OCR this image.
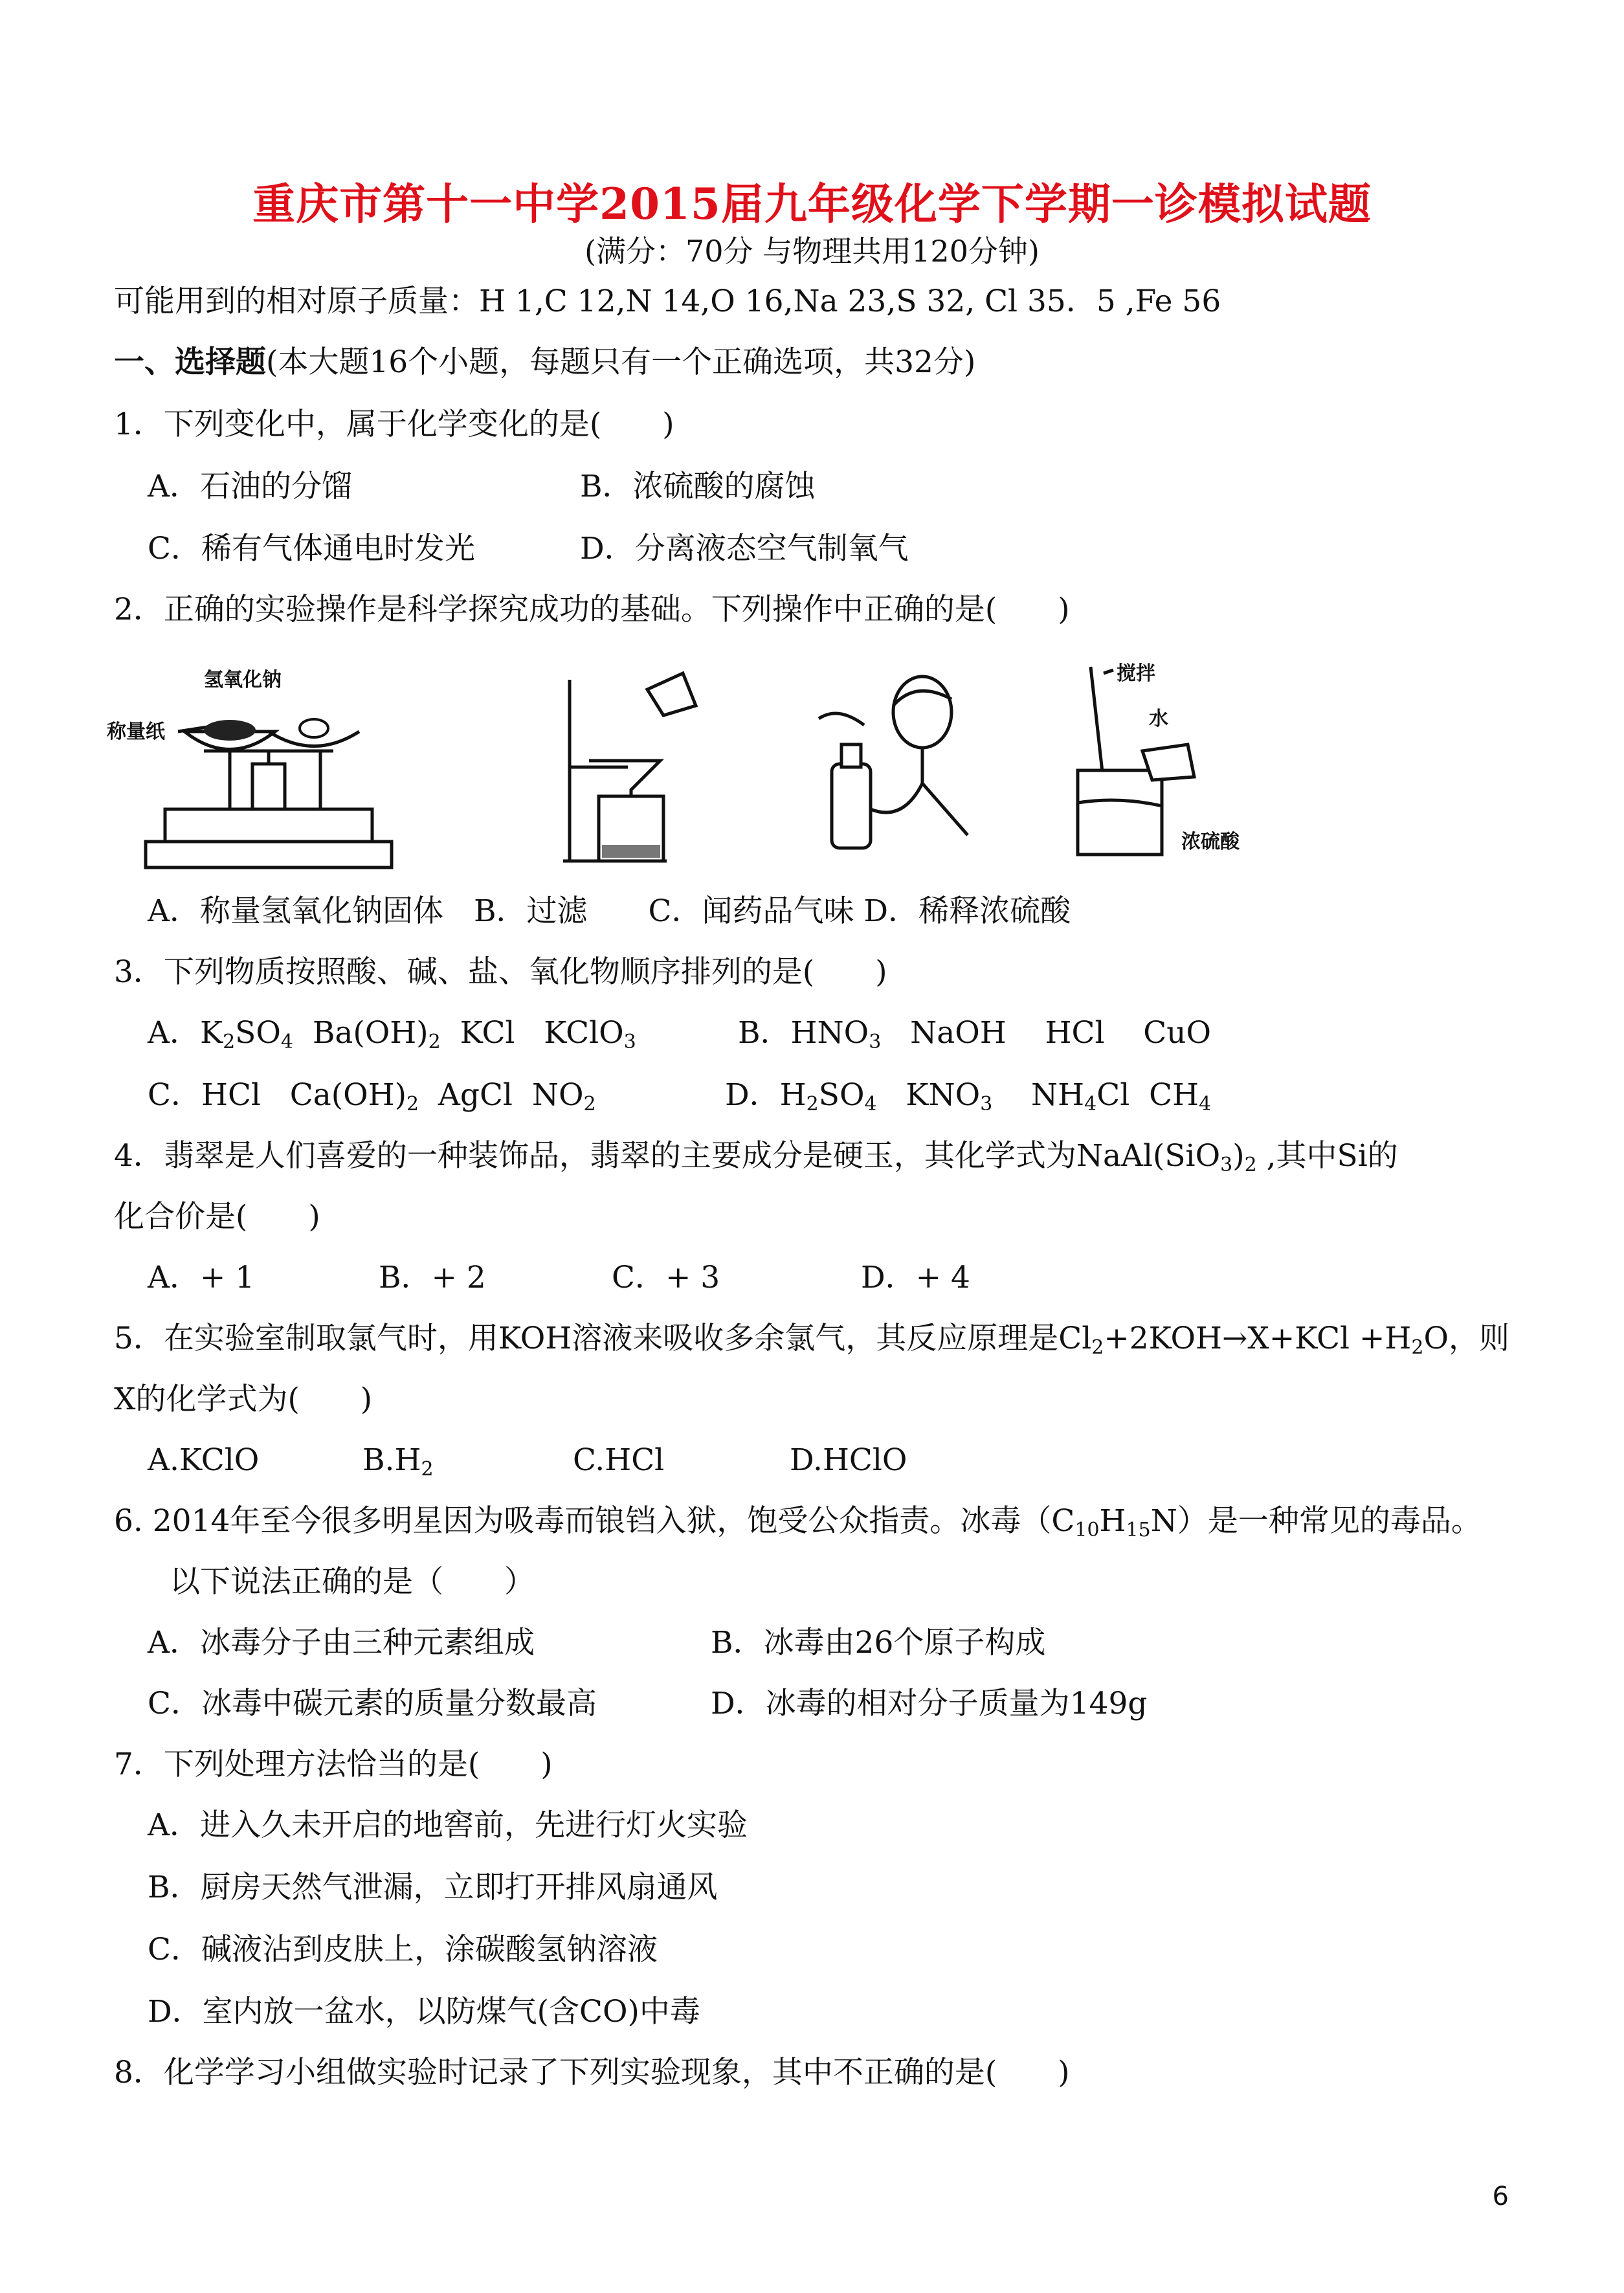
重庆市第十一中学2015届九年级化学下学期一诊模拟试题
(满分：70分 与物理共用120分钟)
可能用到的相对原子质量：H 1,C 12,N 14,O 16,Na 23,S 32, Cl 35．5 ,Fe 56
一、选择题(本大题16个小题，每题只有一个正确选项，共32分)
1．下列变化中，属于化学变化的是(　　)
A．石油的分馏	B．浓硫酸的腐蚀
C．稀有气体通电时发光	D．分离液态空气制氧气
2．正确的实验操作是科学探究成功的基础。下列操作中正确的是(　　)
氢氧化钠
称量纸
搅拌
水
浓硫酸
A．称量氢氧化钠固体　B．过滤　　C．闻药品气味 D．稀释浓硫酸
3．下列物质按照酸、碱、盐、氧化物顺序排列的是(　　)
A．$K_2SO_4$  $Ba(OH)_2$  KCl   KClO$_3$	B．$HNO_3$   NaOH    HCl    CuO
C．HCl   $Ca(OH)_2$  AgCl  $NO_2$	D．$H_2SO_4$   $KNO_3$    $NH_4Cl$  $CH_4$
4．翡翠是人们喜爱的一种装饰品，翡翠的主要成分是硬玉，其化学式为$NaAl(SiO_3)_2$ ,其中Si的
化合价是(　　)
A．+ 1	B．+ 2	C．+ 3	D．+ 4
5．在实验室制取氯气时，用KOH溶液来吸收多余氯气，其反应原理是$Cl_2+2KOH\to X+KCl +H_2O$，则
X的化学式为(　　)
A.KClO	$B.H_2$	C.HCl	D.HClO
6. 2014年至今很多明星因为吸毒而锒铛入狱，饱受公众指责。冰毒$(C_{10}H_{15}N)$是一种常见的毒品。
以下说法正确的是（　　）
A．冰毒分子由三种元素组成	B．冰毒由26个原子构成
C．冰毒中碳元素的质量分数最高	D．冰毒的相对分子质量为149g
7．下列处理方法恰当的是(　　)
A．进入久未开启的地窖前，先进行灯火实验
B．厨房天然气泄漏，立即打开排风扇通风
C．碱液沾到皮肤上，涂碳酸氢钠溶液
D．室内放一盆水，以防煤气(含CO)中毒
8．化学学习小组做实验时记录了下列实验现象，其中不正确的是(　　)
6
